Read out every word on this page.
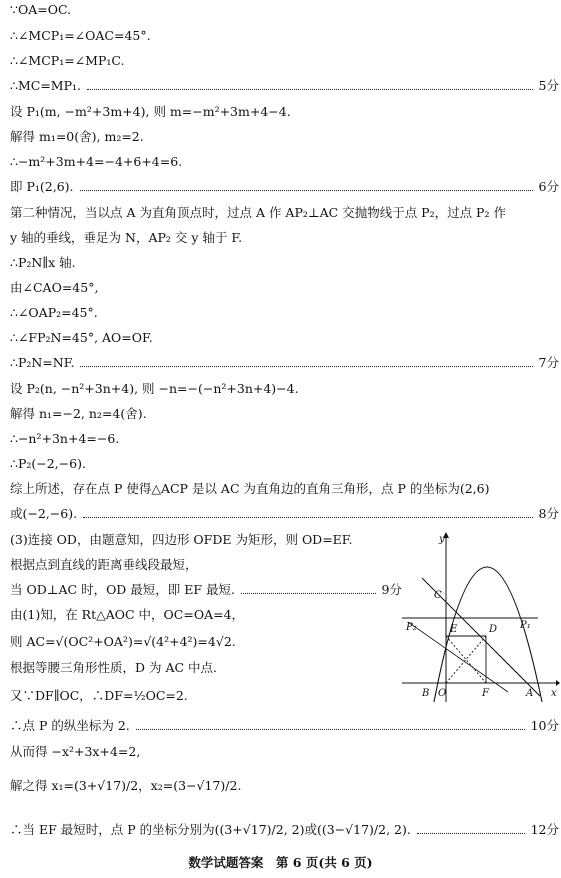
∵OA=OC.
∴∠MCP₁=∠OAC=45°.
∴∠MCP₁=∠MP₁C.
∴MC=MP₁.	5分
设 P₁(m, −m²+3m+4), 则 m=−m²+3m+4−4.
解得 m₁=0(舍), m₂=2.
∴−m²+3m+4=−4+6+4=6.
即 P₁(2,6).	6分
第二种情况，当以点 A 为直角顶点时，过点 A 作 AP₂⊥AC 交抛物线于点 P₂，过点 P₂ 作
y 轴的垂线，垂足为 N，AP₂ 交 y 轴于 F.
∴P₂N∥x 轴.
由∠CAO=45°,
∴∠OAP₂=45°.
∴∠FP₂N=45°, AO=OF.
∴P₂N=NF.	7分
设 P₂(n, −n²+3n+4), 则 −n=−(−n²+3n+4)−4.
解得 n₁=−2, n₂=4(舍).
∴−n²+3n+4=−6.
∴P₂(−2,−6).
综上所述，存在点 P 使得△ACP 是以 AC 为直角边的直角三角形，点 P 的坐标为(2,6)
或(−2,−6).	8分
(3)连接 OD，由题意知，四边形 OFDE 为矩形，则 OD=EF.
根据点到直线的距离垂线段最短，
当 OD⊥AC 时，OD 最短，即 EF 最短.	9分
由(1)知，在 Rt△AOC 中，OC=OA=4，
则 AC=√(OC²+OA²)=√(4²+4²)=4√2.
根据等腰三角形性质，D 为 AC 中点.
又∵DF∥OC，∴DF=½OC=2.
∴点 P 的纵坐标为 2.	10分
从而得 −x²+3x+4=2,
解之得 x₁=(3+√17)/2，x₂=(3−√17)/2.
∴当 EF 最短时，点 P 的坐标分别为((3+√17)/2, 2)或((3−√17)/2, 2).	12分
数学试题答案　第 6 页(共 6 页)
y
x
C
E	D P₁
P₂
B O	F	A
